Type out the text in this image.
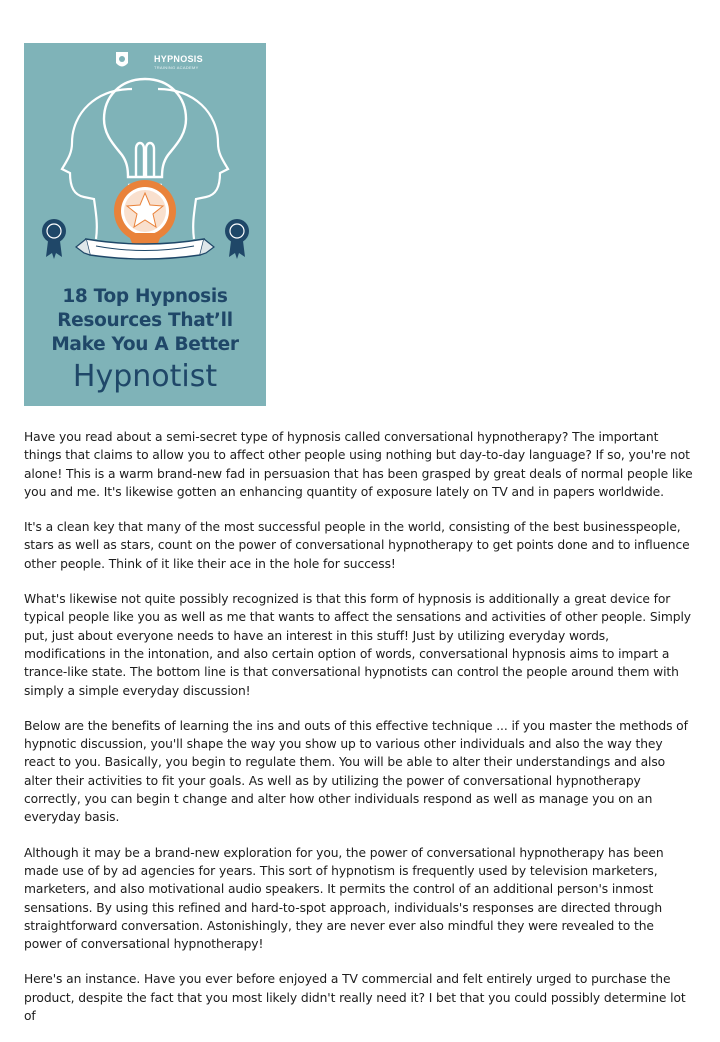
HYPNOSIS
TRAINING ACADEMY
18 Top Hypnosis
Resources That’ll
Make You A Better
Hypnotist

Have you read about a semi-secret type of hypnosis called conversational hypnotherapy? The important things that claims to allow you to affect other people using nothing but day-to-day language? If so, you're not alone! This is a warm brand-new fad in persuasion that has been grasped by great deals of normal people like you and me. It's likewise gotten an enhancing quantity of exposure lately on TV and in papers worldwide.

It's a clean key that many of the most successful people in the world, consisting of the best businesspeople, stars as well as stars, count on the power of conversational hypnotherapy to get points done and to influence other people. Think of it like their ace in the hole for success!

What's likewise not quite possibly recognized is that this form of hypnosis is additionally a great device for typical people like you as well as me that wants to affect the sensations and activities of other people. Simply put, just about everyone needs to have an interest in this stuff! Just by utilizing everyday words, modifications in the intonation, and also certain option of words, conversational hypnosis aims to impart a trance-like state. The bottom line is that conversational hypnotists can control the people around them with simply a simple everyday discussion!

Below are the benefits of learning the ins and outs of this effective technique ... if you master the methods of hypnotic discussion, you'll shape the way you show up to various other individuals and also the way they react to you. Basically, you begin to regulate them. You will be able to alter their understandings and also alter their activities to fit your goals. As well as by utilizing the power of conversational hypnotherapy correctly, you can begin t change and alter how other individuals respond as well as manage you on an everyday basis.

Although it may be a brand-new exploration for you, the power of conversational hypnotherapy has been made use of by ad agencies for years. This sort of hypnotism is frequently used by television marketers, marketers, and also motivational audio speakers. It permits the control of an additional person's inmost sensations. By using this refined and hard-to-spot approach, individuals's responses are directed through straightforward conversation. Astonishingly, they are never ever also mindful they were revealed to the power of conversational hypnotherapy!

Here's an instance. Have you ever before enjoyed a TV commercial and felt entirely urged to purchase the product, despite the fact that you most likely didn't really need it? I bet that you could possibly determine lot of
